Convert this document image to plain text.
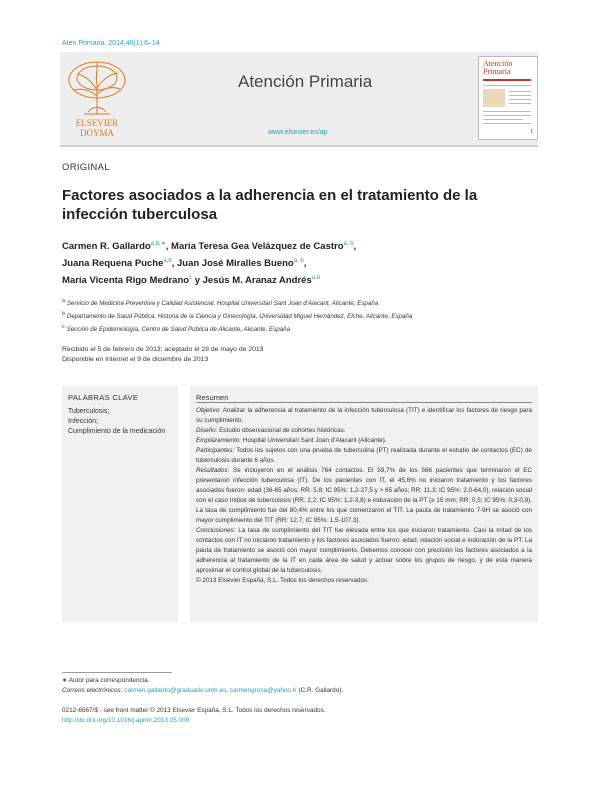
Aten Primaria. 2014;46(1):6–14
ELSEVIER
DOYMA
Atención Primaria
www.elsevier.es/ap
Atención
Primaria
1
ORIGINAL
Factores asociados a la adherencia en el tratamiento de la infección tuberculosa
Carmen R. Gallardo$^{a,b,∗}$, María Teresa Gea Velázquez de Castro$^{a, b}$,
Juana Requena Puche$^{a,b}$, Juan José Miralles Bueno$^{a, b}$,
María Vicenta Rigo Medrano$^c$ y Jesús M. Aranaz Andrés$^{a,b}$
$^a$ Servicio de Medicina Preventiva y Calidad Asistencial, Hospital Universitari Sant Joan d'Alacant, Alicante, España
$^b$ Departamento de Salud Pública, Historia de la Ciencia y Ginecología, Universidad Miguel Hernández, Elche, Alicante, España
$^c$ Sección de Epidemiología, Centro de Salud Pública de Alicante, Alicante, España
Recibido el 5 de febrero de 2013; aceptado el 28 de mayo de 2013
Disponible en Internet el 9 de diciembre de 2013
PALABRAS CLAVE
Tuberculosis;
Infección;
Cumplimiento de la medicación
Resumen

Objetivo: Analizar la adherencia al tratamiento de la infección tuberculosa (TIT) e identificar los factores de riesgo para su cumplimiento.

Diseño: Estudio observacional de cohortes históricas.

Emplazamiento: Hospital Universitari Sant Joan d'Alacant (Alicante).

Participantes: Todos los sujetos con una prueba de tuberculina (PT) realizada durante el estudio de contactos (EC) de tuberculosis durante 6 años.

Resultados: Se incluyeron en el análisis 764 contactos. El 59,7% de los 566 pacientes que terminaron el EC presentaron infección tuberculosa (IT). De los pacientes con IT, el 45,6% no iniciaron tratamiento y los factores asociados fueron: edad (36-65 años; RR: 5,8; IC 95%: 1,2-27,5 y > 65 años; RR: 11,3; IC 95%: 2,0-64,0), relación social con el caso índice de tuberculosis (RR: 2,2; IC 95%: 1,2-3,8) e induración de la PT (≥ 15 mm; RR: 0,5; IC 95%: 0,3-0,9). La tasa de cumplimiento fue del 80,4% entre los que comenzaron el TIT. La pauta de tratamiento 7-9H se asoció con mayor cumplimiento del TIT (RR: 12,7; IC 95%: 1,5-107,3).

Conclusiones: La tasa de cumplimiento del TIT fue elevada entre los que iniciaron tratamiento. Casi la mitad de los contactos con IT no iniciaron tratamiento y los factores asociados fueron: edad, relación social e induración de la PT. La pauta de tratamiento se asoció con mayor cumplimiento. Debemos conocer con precisión los factores asociados a la adherencia al tratamiento de la IT en cada área de salud y actuar sobre los grupos de riesgo, y de esta manera aproximar el control global de la tuberculosis.

© 2013 Elsevier España, S.L. Todos los derechos reservados.

∗ Autor para correspondencia.
Correos electrónicos: carmen.gallardo@graduado.umh.es, carmengrosa@yahoo.fr (C.R. Gallardo).
0212-6567/$ - see front matter © 2013 Elsevier España, S.L. Todos los derechos reservados.
http://dx.doi.org/10.1016/j.aprim.2013.05.009
